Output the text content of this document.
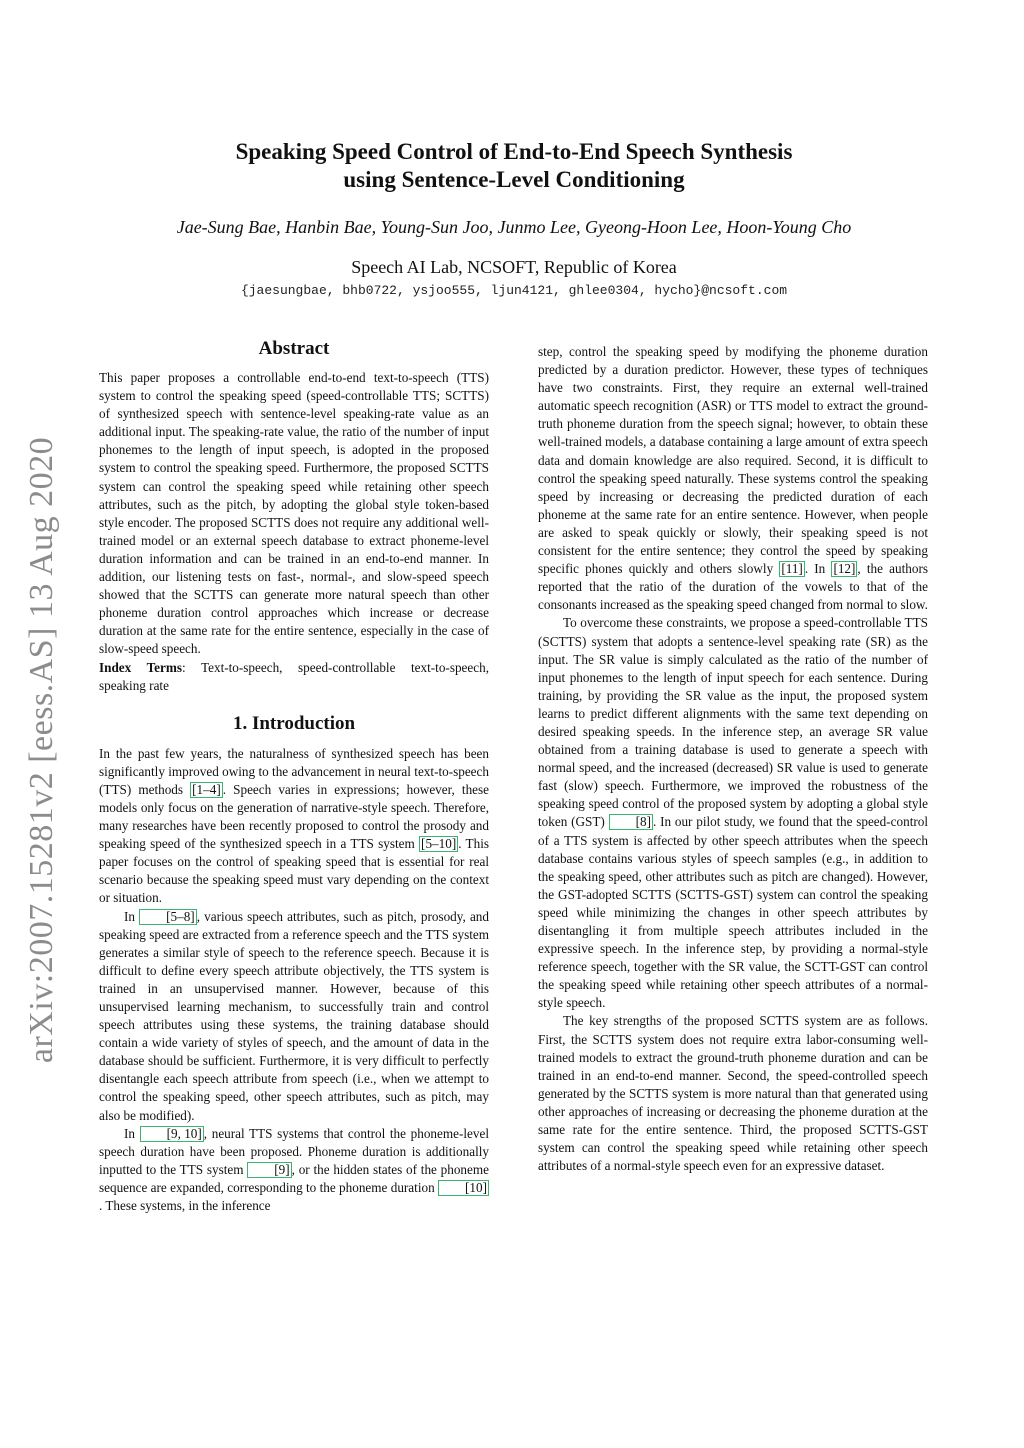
arXiv:2007.15281v2 [eess.AS] 13 Aug 2020
Speaking Speed Control of End-to-End Speech Synthesis
using Sentence-Level Conditioning
Jae-Sung Bae, Hanbin Bae, Young-Sun Joo, Junmo Lee, Gyeong-Hoon Lee, Hoon-Young Cho
Speech AI Lab, NCSOFT, Republic of Korea
{jaesungbae, bhb0722, ysjoo555, ljun4121, ghlee0304, hycho}@ncsoft.com
Abstract

This paper proposes a controllable end-to-end text-to-speech (TTS) system to control the speaking speed (speed-controllable TTS; SCTTS) of synthesized speech with sentence-level speaking-rate value as an additional input. The speaking-rate value, the ratio of the number of input phonemes to the length of input speech, is adopted in the proposed system to control the speaking speed. Furthermore, the proposed SCTTS system can control the speaking speed while retaining other speech attributes, such as the pitch, by adopting the global style token-based style encoder. The proposed SCTTS does not require any additional well-trained model or an external speech database to extract phoneme-level duration information and can be trained in an end-to-end manner. In addition, our listening tests on fast-, normal-, and slow-speed speech showed that the SCTTS can generate more natural speech than other phoneme duration control approaches which increase or decrease duration at the same rate for the entire sentence, especially in the case of slow-speed speech.

Index Terms: Text-to-speech, speed-controllable text-to-speech, speaking rate

1. Introduction

In the past few years, the naturalness of synthesized speech has been significantly improved owing to the advancement in neural text-to-speech (TTS) methods [1–4] . Speech varies in expressions; however, these models only focus on the generation of narrative-style speech. Therefore, many researches have been recently proposed to control the prosody and speaking speed of the synthesized speech in a TTS system [5–10] . This paper focuses on the control of speaking speed that is essential for real scenario because the speaking speed must vary depending on the context or situation.

In [5–8] , various speech attributes, such as pitch, prosody, and speaking speed are extracted from a reference speech and the TTS system generates a similar style of speech to the reference speech. Because it is difficult to define every speech attribute objectively, the TTS system is trained in an unsupervised manner. However, because of this unsupervised learning mechanism, to successfully train and control speech attributes using these systems, the training database should contain a wide variety of styles of speech, and the amount of data in the database should be sufficient. Furthermore, it is very difficult to perfectly disentangle each speech attribute from speech (i.e., when we attempt to control the speaking speed, other speech attributes, such as pitch, may also be modified).

In [9, 10] , neural TTS systems that control the phoneme-level speech duration have been proposed. Phoneme duration is additionally inputted to the TTS system [9] , or the hidden states of the phoneme sequence are expanded, corresponding to the phoneme duration [10]. These systems, in the inference

step, control the speaking speed by modifying the phoneme duration predicted by a duration predictor. However, these types of techniques have two constraints. First, they require an external well-trained automatic speech recognition (ASR) or TTS model to extract the ground-truth phoneme duration from the speech signal; however, to obtain these well-trained models, a database containing a large amount of extra speech data and domain knowledge are also required. Second, it is difficult to control the speaking speed naturally. These systems control the speaking speed by increasing or decreasing the predicted duration of each phoneme at the same rate for an entire sentence. However, when people are asked to speak quickly or slowly, their speaking speed is not consistent for the entire sentence; they control the speed by speaking specific phones quickly and others slowly [11] . In [12] , the authors reported that the ratio of the duration of the vowels to that of the consonants increased as the speaking speed changed from normal to slow.

To overcome these constraints, we propose a speed-controllable TTS (SCTTS) system that adopts a sentence-level speaking rate (SR) as the input. The SR value is simply calculated as the ratio of the number of input phonemes to the length of input speech for each sentence. During training, by providing the SR value as the input, the proposed system learns to predict different alignments with the same text depending on desired speaking speeds. In the inference step, an average SR value obtained from a training database is used to generate a speech with normal speed, and the increased (decreased) SR value is used to generate fast (slow) speech. Furthermore, we improved the robustness of the speaking speed control of the proposed system by adopting a global style token (GST) [8] . In our pilot study, we found that the speed-control of a TTS system is affected by other speech attributes when the speech database contains various styles of speech samples (e.g., in addition to the speaking speed, other attributes such as pitch are changed). However, the GST-adopted SCTTS (SCTTS-GST) system can control the speaking speed while minimizing the changes in other speech attributes by disentangling it from multiple speech attributes included in the expressive speech. In the inference step, by providing a normal-style reference speech, together with the SR value, the SCTT-GST can control the speaking speed while retaining other speech attributes of a normal-style speech.

The key strengths of the proposed SCTTS system are as follows. First, the SCTTS system does not require extra labor-consuming well-trained models to extract the ground-truth phoneme duration and can be trained in an end-to-end manner. Second, the speed-controlled speech generated by the SCTTS system is more natural than that generated using other approaches of increasing or decreasing the phoneme duration at the same rate for the entire sentence. Third, the proposed SCTTS-GST system can control the speaking speed while retaining other speech attributes of a normal-style speech even for an expressive dataset.
